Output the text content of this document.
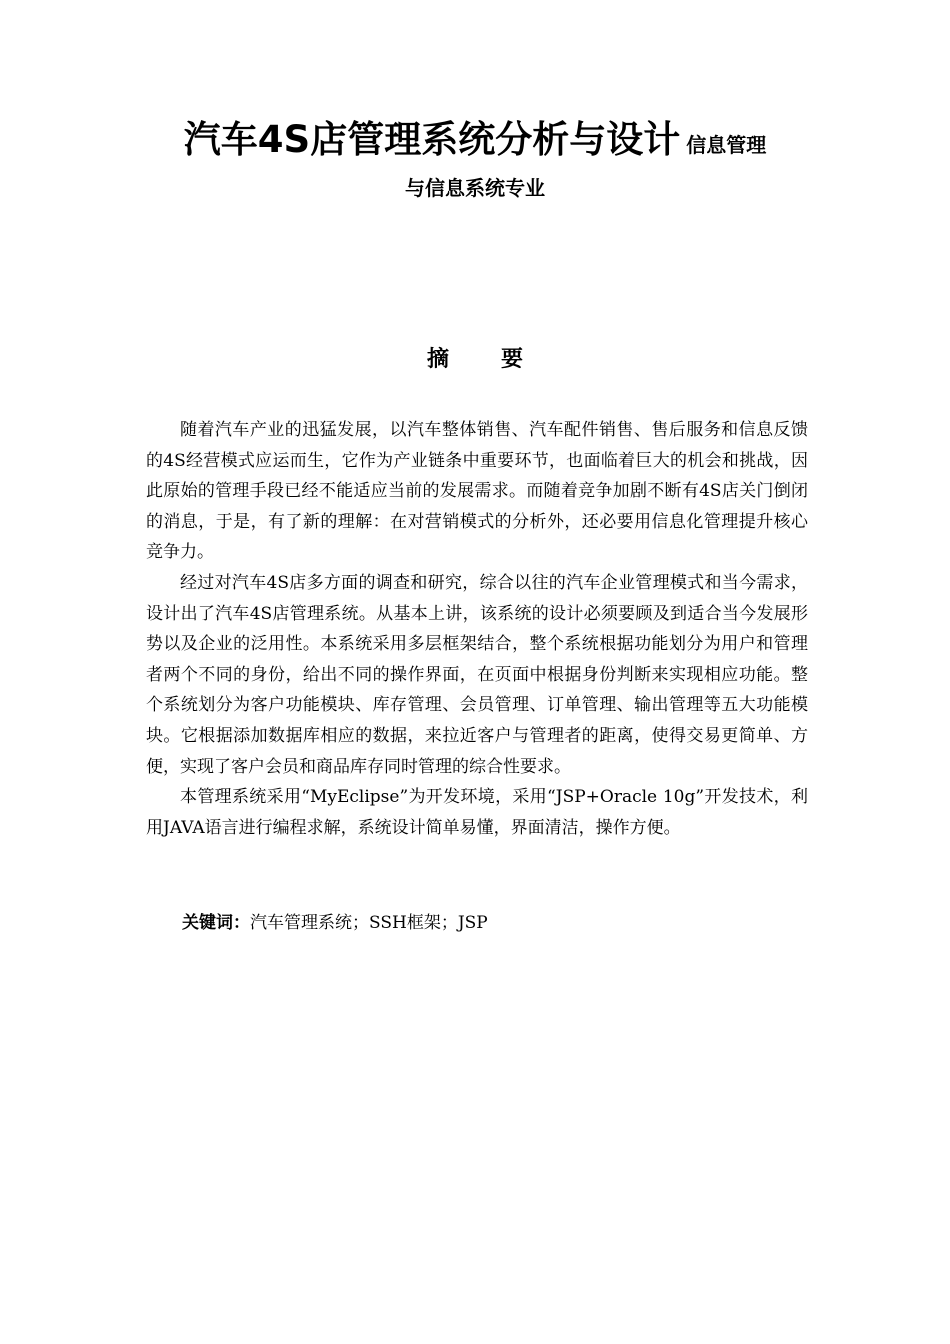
汽车4S店管理系统分析与设计 信息管理
与信息系统专业
摘 要

随着汽车产业的迅猛发展，以汽车整体销售、汽车配件销售、售后服务和信息反馈的4S经营模式应运而生，它作为产业链条中重要环节，也面临着巨大的机会和挑战，因此原始的管理手段已经不能适应当前的发展需求。而随着竞争加剧不断有4S店关门倒闭的消息，于是，有了新的理解：在对营销模式的分析外，还必要用信息化管理提升核心竞争力。

经过对汽车4S店多方面的调查和研究，综合以往的汽车企业管理模式和当今需求，设计出了汽车4S店管理系统。从基本上讲，该系统的设计必须要顾及到适合当今发展形势以及企业的泛用性。本系统采用多层框架结合，整个系统根据功能划分为用户和管理者两个不同的身份，给出不同的操作界面，在页面中根据身份判断来实现相应功能。整个系统划分为客户功能模块、库存管理、会员管理、订单管理、输出管理等五大功能模块。它根据添加数据库相应的数据，来拉近客户与管理者的距离，使得交易更简单、方便，实现了客户会员和商品库存同时管理的综合性要求。

本管理系统采用“MyEclipse”为开发环境，采用“JSP+Oracle 10g”开发技术，利用JAVA语言进行编程求解，系统设计简单易懂，界面清洁，操作方便。

关键词：汽车管理系统；SSH框架；JSP
